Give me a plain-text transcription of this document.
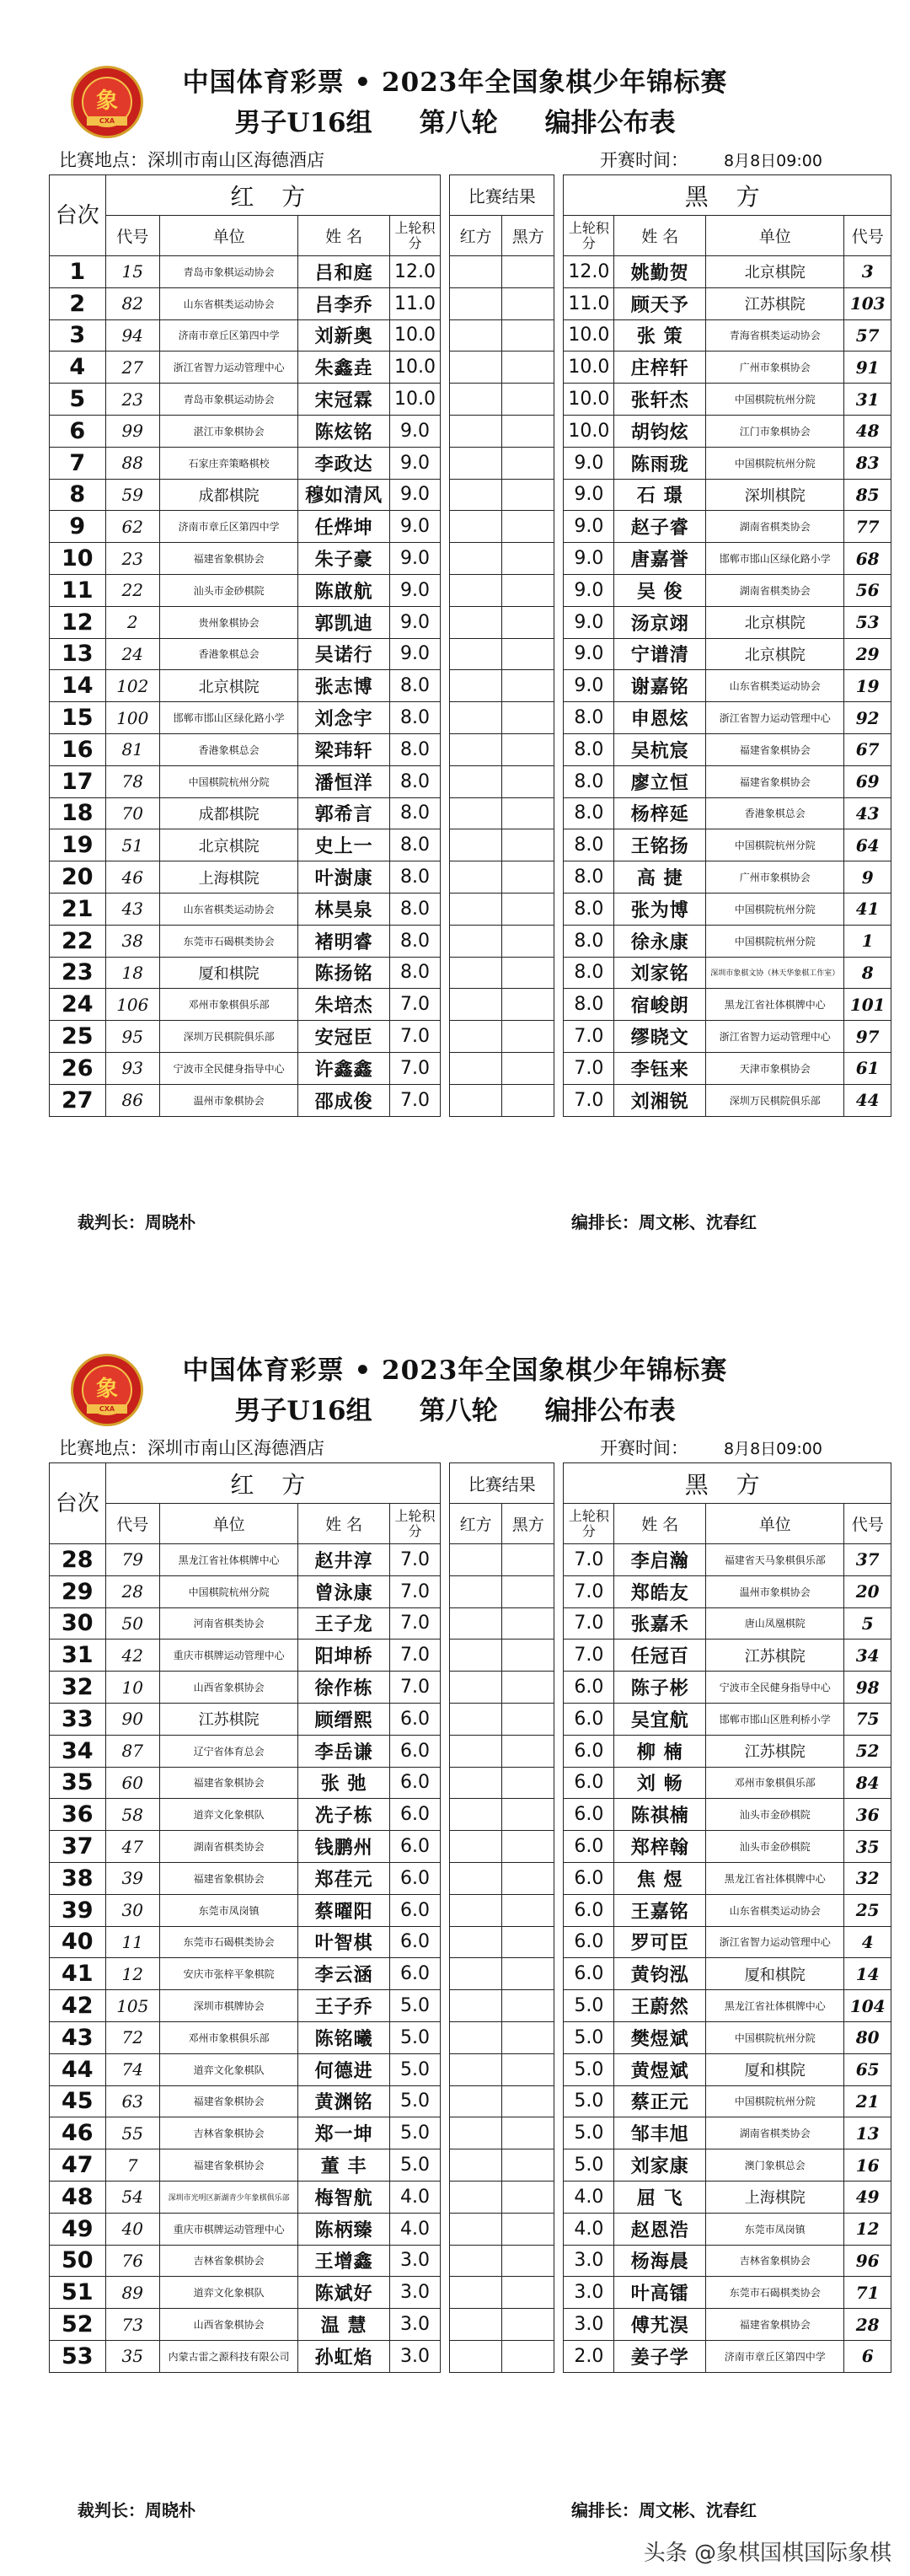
象
CXA
中国体育彩票 • 2023年全国象棋少年锦标赛
男子U16组 第八轮 编排公布表
比赛地点：深圳市南山区海德酒店	开赛时间： 8月8日09:00
台次	红 方					比赛结果			黑 方			
	代号	单位	姓 名	上轮积分		红方	黑方		上轮积分	姓 名	单位	代号
1	15	青岛市象棋运动协会	吕和庭	12.0					12.0	姚勤贺	北京棋院	3
2	82	山东省棋类运动协会	吕李乔	11.0					11.0	顾天予	江苏棋院	103
3	94	济南市章丘区第四中学	刘新奥	10.0					10.0	张 策	青海省棋类运动协会	57
4	27	浙江省智力运动管理中心	朱鑫垚	10.0					10.0	庄梓轩	广州市象棋协会	91
5	23	青岛市象棋运动协会	宋冠霖	10.0					10.0	张轩杰	中国棋院杭州分院	31
6	99	湛江市象棋协会	陈炫铭	9.0					10.0	胡钧炫	江门市象棋协会	48
7	88	石家庄弈策略棋校	李政达	9.0					9.0	陈雨珑	中国棋院杭州分院	83
8	59	成都棋院	穆如清风	9.0					9.0	石 璟	深圳棋院	85
9	62	济南市章丘区第四中学	任烨坤	9.0					9.0	赵子睿	湖南省棋类协会	77
10	23	福建省象棋协会	朱子豪	9.0					9.0	唐嘉誉	邯郸市邯山区绿化路小学	68
11	22	汕头市金砂棋院	陈啟航	9.0					9.0	吴 俊	湖南省棋类协会	56
12	2	贵州象棋协会	郭凯迪	9.0					9.0	汤京翊	北京棋院	53
13	24	香港象棋总会	吴诺行	9.0					9.0	宁谱清	北京棋院	29
14	102	北京棋院	张志博	8.0					9.0	谢嘉铭	山东省棋类运动协会	19
15	100	邯郸市邯山区绿化路小学	刘念宇	8.0					8.0	申恩炫	浙江省智力运动管理中心	92
16	81	香港象棋总会	梁玮轩	8.0					8.0	吴杭宸	福建省象棋协会	67
17	78	中国棋院杭州分院	潘恒洋	8.0					8.0	廖立恒	福建省象棋协会	69
18	70	成都棋院	郭希言	8.0					8.0	杨梓延	香港象棋总会	43
19	51	北京棋院	史上一	8.0					8.0	王铭扬	中国棋院杭州分院	64
20	46	上海棋院	叶澍康	8.0					8.0	高 捷	广州市象棋协会	9
21	43	山东省棋类运动协会	林昊泉	8.0					8.0	张为博	中国棋院杭州分院	41
22	38	东莞市石碣棋类协会	褚明睿	8.0					8.0	徐永康	中国棋院杭州分院	1
23	18	厦和棋院	陈扬铭	8.0					8.0	刘家铭	深圳市象棋文协（林天华象棋工作室）	8
24	106	邓州市象棋俱乐部	朱培杰	7.0					8.0	宿峻朗	黑龙江省社体棋牌中心	101
25	95	深圳万民棋院俱乐部	安冠臣	7.0					7.0	缪晓文	浙江省智力运动管理中心	97
26	93	宁波市全民健身指导中心	许鑫鑫	7.0					7.0	李钰来	天津市象棋协会	61
27	86	温州市象棋协会	邵成俊	7.0					7.0	刘湘锐	深圳万民棋院俱乐部	44
裁判长：周晓朴	编排长：周文彬、沈春红
象
CXA
中国体育彩票 • 2023年全国象棋少年锦标赛
男子U16组 第八轮 编排公布表
比赛地点：深圳市南山区海德酒店	开赛时间： 8月8日09:00
台次	红 方					比赛结果			黑 方			
	代号	单位	姓 名	上轮积分		红方	黑方		上轮积分	姓 名	单位	代号
28	79	黑龙江省社体棋牌中心	赵井淳	7.0					7.0	李启瀚	福建省天马象棋俱乐部	37
29	28	中国棋院杭州分院	曾泳康	7.0					7.0	郑皓友	温州市象棋协会	20
30	50	河南省棋类协会	王子龙	7.0					7.0	张嘉禾	唐山凤凰棋院	5
31	42	重庆市棋牌运动管理中心	阳坤桥	7.0					7.0	任冠百	江苏棋院	34
32	10	山西省象棋协会	徐作栋	7.0					6.0	陈子彬	宁波市全民健身指导中心	98
33	90	江苏棋院	顾缙熙	6.0					6.0	吴宜航	邯郸市邯山区胜利桥小学	75
34	87	辽宁省体育总会	李岳谦	6.0					6.0	柳 楠	江苏棋院	52
35	60	福建省象棋协会	张 弛	6.0					6.0	刘 畅	邓州市象棋俱乐部	84
36	58	道弈文化象棋队	冼子栋	6.0					6.0	陈祺楠	汕头市金砂棋院	36
37	47	湖南省棋类协会	钱鹏州	6.0					6.0	郑梓翰	汕头市金砂棋院	35
38	39	福建省象棋协会	郑荏元	6.0					6.0	焦 煜	黑龙江省社体棋牌中心	32
39	30	东莞市凤岗镇	蔡曜阳	6.0					6.0	王嘉铭	山东省棋类运动协会	25
40	11	东莞市石碣棋类协会	叶智棋	6.0					6.0	罗可臣	浙江省智力运动管理中心	4
41	12	安庆市张梓平象棋院	李云涵	6.0					6.0	黄钧泓	厦和棋院	14
42	105	深圳市棋牌协会	王子乔	5.0					5.0	王蔚然	黑龙江省社体棋牌中心	104
43	72	邓州市象棋俱乐部	陈铭曦	5.0					5.0	樊煜斌	中国棋院杭州分院	80
44	74	道弈文化象棋队	何德进	5.0					5.0	黄煜斌	厦和棋院	65
45	63	福建省象棋协会	黄渊铭	5.0					5.0	蔡正元	中国棋院杭州分院	21
46	55	吉林省象棋协会	郑一坤	5.0					5.0	邹丰旭	湖南省棋类协会	13
47	7	福建省象棋协会	董 丰	5.0					5.0	刘家康	澳门象棋总会	16
48	54	深圳市光明区新湖青少年象棋俱乐部	梅智航	4.0					4.0	屈 飞	上海棋院	49
49	40	重庆市棋牌运动管理中心	陈柄臻	4.0					4.0	赵恩浩	东莞市凤岗镇	12
50	76	吉林省象棋协会	王增鑫	3.0					3.0	杨海晨	吉林省象棋协会	96
51	89	道弈文化象棋队	陈斌好	3.0					3.0	叶高镭	东莞市石碣棋类协会	71
52	73	山西省象棋协会	温 慧	3.0					3.0	傅艽淏	福建省象棋协会	28
53	35	内蒙古雷之源科技有限公司	孙虹焰	3.0					2.0	姜子学	济南市章丘区第四中学	6
裁判长：周晓朴	编排长：周文彬、沈春红
头条 @象棋国棋国际象棋
